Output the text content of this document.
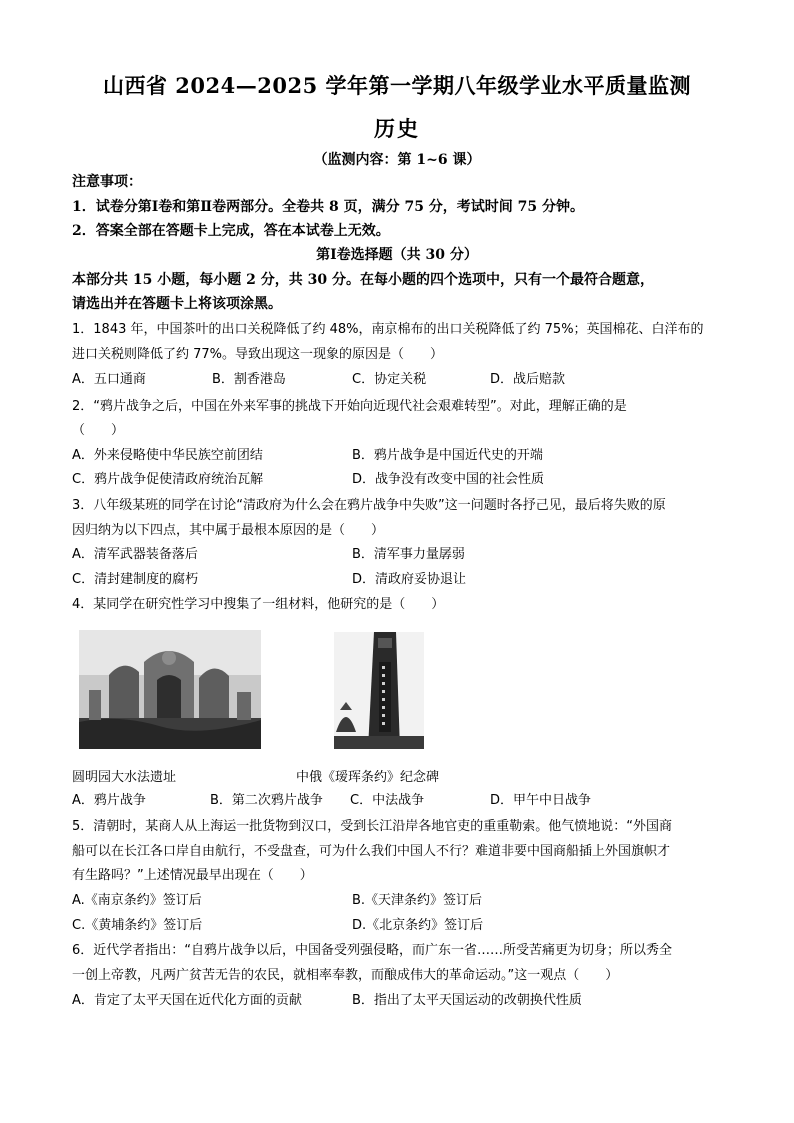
山西省 2024—2025 学年第一学期八年级学业水平质量监测
历史
（监测内容：第 1~6 课）
注意事项：
1．试卷分第Ⅰ卷和第Ⅱ卷两部分。全卷共 8 页，满分 75 分，考试时间 75 分钟。
2．答案全部在答题卡上完成，答在本试卷上无效。
第Ⅰ卷选择题（共 30 分）
本部分共 15 小题，每小题 2 分，共 30 分。在每小题的四个选项中，只有一个最符合题意，
请选出并在答题卡上将该项涂黑。
1．1843 年，中国茶叶的出口关税降低了约 48%，南京棉布的出口关税降低了约 75%；英国棉花、白洋布的
进口关税则降低了约 77%。导致出现这一现象的原因是（　　）
A．五口通商	B．割香港岛	C．协定关税	D．战后赔款
2．“鸦片战争之后，中国在外来军事的挑战下开始向近现代社会艰难转型”。对此，理解正确的是
（　　）
A．外来侵略使中华民族空前团结	B．鸦片战争是中国近代史的开端
C．鸦片战争促使清政府统治瓦解	D．战争没有改变中国的社会性质
3．八年级某班的同学在讨论“清政府为什么会在鸦片战争中失败”这一问题时各抒己见，最后将失败的原
因归纳为以下四点，其中属于最根本原因的是（　　）
A．清军武器装备落后	B．清军事力量孱弱
C．清封建制度的腐朽	D．清政府妥协退让
4．某同学在研究性学习中搜集了一组材料，他研究的是（　　）
圆明园大水法遗址	中俄《瑷珲条约》纪念碑
A．鸦片战争	B．第二次鸦片战争 C．中法战争	D．甲午中日战争
5．清朝时，某商人从上海运一批货物到汉口，受到长江沿岸各地官吏的重重勒索。他气愤地说：“外国商
船可以在长江各口岸自由航行，不受盘查，可为什么我们中国人不行？难道非要中国商船插上外国旗帜才
有生路吗？”上述情况最早出现在（　　）
A.《南京条约》签订后	B.《天津条约》签订后
C.《黄埔条约》签订后	D.《北京条约》签订后
6．近代学者指出：“自鸦片战争以后，中国备受列强侵略，而广东一省……所受苦痛更为切身；所以秀全
一创上帝教，凡两广贫苦无告的农民，就相率奉教，而酿成伟大的革命运动。”这一观点（　　）
A．肯定了太平天国在近代化方面的贡献	B．指出了太平天国运动的改朝换代性质
